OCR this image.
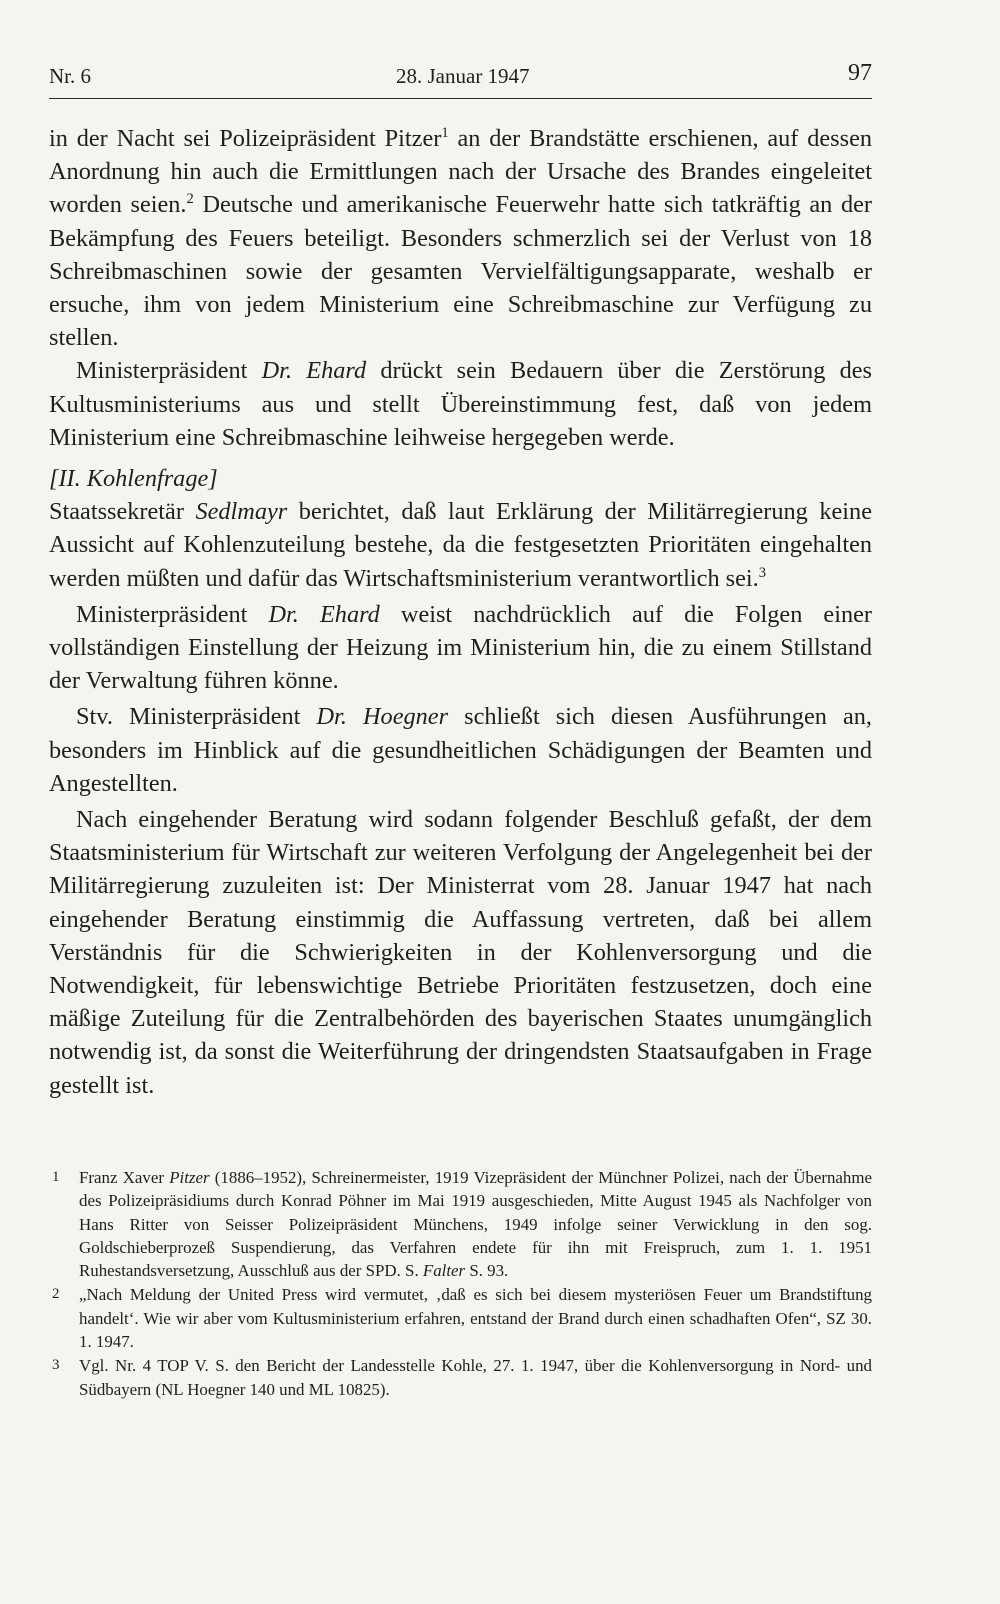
Nr. 6	28. Januar 1947	97

in der Nacht sei Polizeipräsident Pitzer$^1$ an der Brandstätte erschienen, auf dessen Anordnung hin auch die Ermittlungen nach der Ursache des Brandes eingeleitet worden seien.$^2$ Deutsche und amerikanische Feuerwehr hatte sich tatkräftig an der Bekämpfung des Feuers beteiligt. Besonders schmerzlich sei der Verlust von 18 Schreibmaschinen sowie der gesamten Vervielfältigungsapparate, weshalb er ersuche, ihm von jedem Ministerium eine Schreibmaschine zur Verfügung zu stellen.

Ministerpräsident Dr. Ehard drückt sein Bedauern über die Zerstörung des Kultusministeriums aus und stellt Übereinstimmung fest, daß von jedem Ministerium eine Schreibmaschine leihweise hergegeben werde.

[II. Kohlenfrage]

Staatssekretär Sedlmayr berichtet, daß laut Erklärung der Militärregierung keine Aussicht auf Kohlenzuteilung bestehe, da die festgesetzten Prioritäten eingehalten werden müßten und dafür das Wirtschaftsministerium verantwortlich sei.$^3$

Ministerpräsident Dr. Ehard weist nachdrücklich auf die Folgen einer vollständigen Einstellung der Heizung im Ministerium hin, die zu einem Stillstand der Verwaltung führen könne.

Stv. Ministerpräsident Dr. Hoegner schließt sich diesen Ausführungen an, besonders im Hinblick auf die gesundheitlichen Schädigungen der Beamten und Angestellten.

Nach eingehender Beratung wird sodann folgender Beschluß gefaßt, der dem Staatsministerium für Wirtschaft zur weiteren Verfolgung der Angelegenheit bei der Militärregierung zuzuleiten ist: Der Ministerrat vom 28. Januar 1947 hat nach eingehender Beratung einstimmig die Auffassung vertreten, daß bei allem Verständnis für die Schwierigkeiten in der Kohlenversorgung und die Notwendigkeit, für lebenswichtige Betriebe Prioritäten festzusetzen, doch eine mäßige Zuteilung für die Zentralbehörden des bayerischen Staates unumgänglich notwendig ist, da sonst die Weiterführung der dringendsten Staatsaufgaben in Frage gestellt ist.

1 Franz Xaver Pitzer (1886–1952), Schreinermeister, 1919 Vizepräsident der Münchner Polizei, nach der Übernahme des Polizeipräsidiums durch Konrad Pöhner im Mai 1919 ausgeschieden, Mitte August 1945 als Nachfolger von Hans Ritter von Seisser Polizeipräsident Münchens, 1949 infolge seiner Verwicklung in den sog. Goldschieberprozeß Suspendierung, das Verfahren endete für ihn mit Freispruch, zum 1. 1. 1951 Ruhestandsversetzung, Ausschluß aus der SPD. S. Falter S. 93.
2 „Nach Meldung der United Press wird vermutet, ‚daß es sich bei diesem mysteriösen Feuer um Brandstiftung handelt‘. Wie wir aber vom Kultusministerium erfahren, entstand der Brand durch einen schadhaften Ofen“, SZ 30. 1. 1947.
3 Vgl. Nr. 4 TOP V. S. den Bericht der Landesstelle Kohle, 27. 1. 1947, über die Kohlenversorgung in Nord- und Südbayern (NL Hoegner 140 und ML 10825).
